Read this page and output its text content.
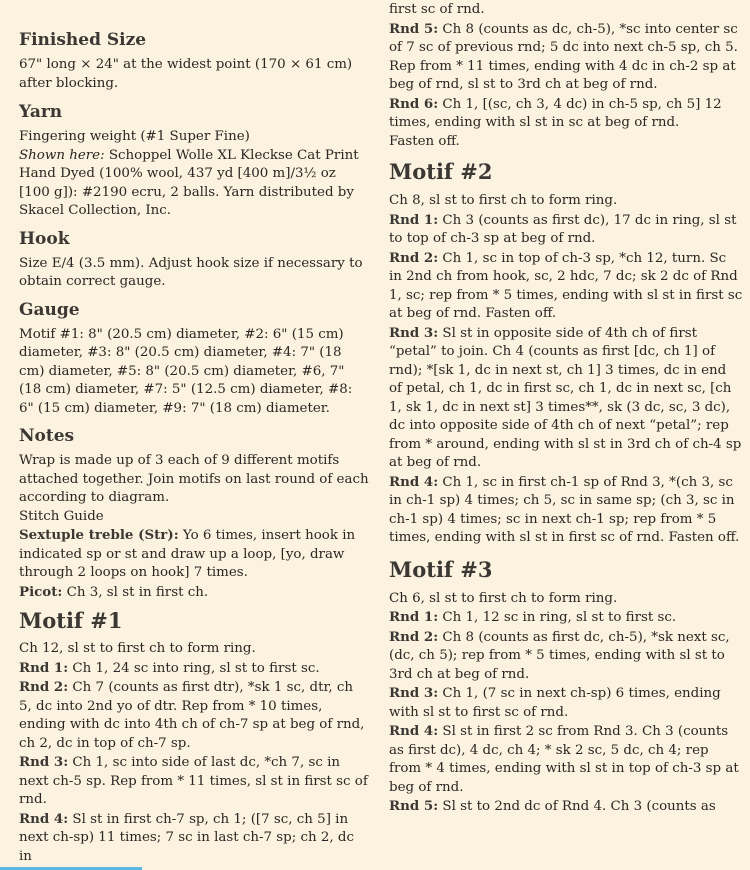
Finished Size

67" long × 24" at the widest point (170 × 61 cm) after blocking.

Yarn

Fingering weight (#1 Super Fine)
Shown here: Schoppel Wolle XL Kleckse Cat Print Hand Dyed (100% wool, 437 yd [400 m]/3½ oz [100 g]): #2190 ecru, 2 balls. Yarn distributed by Skacel Collection, Inc.

Hook

Size E/4 (3.5 mm). Adjust hook size if necessary to obtain correct gauge.

Gauge

Motif #1: 8" (20.5 cm) diameter, #2: 6" (15 cm) diameter, #3: 8" (20.5 cm) diameter, #4: 7" (18 cm) diameter, #5: 8" (20.5 cm) diameter, #6, 7" (18 cm) diameter, #7: 5" (12.5 cm) diameter, #8: 6" (15 cm) diameter, #9: 7" (18 cm) diameter.

Notes

Wrap is made up of 3 each of 9 different motifs attached together. Join motifs on last round of each according to diagram.
Stitch Guide
Sextuple treble (Str): Yo 6 times, insert hook in indicated sp or st and draw up a loop, [yo, draw through 2 loops on hook] 7 times.
Picot: Ch 3, sl st in first ch.

Motif #1

Ch 12, sl st to first ch to form ring.
Rnd 1: Ch 1, 24 sc into ring, sl st to first sc.
Rnd 2: Ch 7 (counts as first dtr), *sk 1 sc, dtr, ch 5, dc into 2nd yo of dtr. Rep from * 10 times, ending with dc into 4th ch of ch-7 sp at beg of rnd, ch 2, dc in top of ch-7 sp.
Rnd 3: Ch 1, sc into side of last dc, *ch 7, sc in next ch-5 sp. Rep from * 11 times, sl st in first sc of rnd.
Rnd 4: Sl st in first ch-7 sp, ch 1; ([7 sc, ch 5] in next ch-sp) 11 times; 7 sc in last ch-7 sp; ch 2, dc in

first sc of rnd.
Rnd 5: Ch 8 (counts as dc, ch-5), *sc into center sc of 7 sc of previous rnd; 5 dc into next ch-5 sp, ch 5. Rep from * 11 times, ending with 4 dc in ch-2 sp at beg of rnd, sl st to 3rd ch at beg of rnd.
Rnd 6: Ch 1, [(sc, ch 3, 4 dc) in ch-5 sp, ch 5] 12 times, ending with sl st in sc at beg of rnd.
Fasten off.

Motif #2

Ch 8, sl st to first ch to form ring.
Rnd 1: Ch 3 (counts as first dc), 17 dc in ring, sl st to top of ch-3 sp at beg of rnd.
Rnd 2: Ch 1, sc in top of ch-3 sp, *ch 12, turn. Sc in 2nd ch from hook, sc, 2 hdc, 7 dc; sk 2 dc of Rnd 1, sc; rep from * 5 times, ending with sl st in first sc at beg of rnd. Fasten off.
Rnd 3: Sl st in opposite side of 4th ch of first “petal” to join. Ch 4 (counts as first [dc, ch 1] of rnd); *[sk 1, dc in next st, ch 1] 3 times, dc in end of petal, ch 1, dc in first sc, ch 1, dc in next sc, [ch 1, sk 1, dc in next st] 3 times**, sk (3 dc, sc, 3 dc), dc into opposite side of 4th ch of next “petal”; rep from * around, ending with sl st in 3rd ch of ch-4 sp at beg of rnd.
Rnd 4: Ch 1, sc in first ch-1 sp of Rnd 3, *(ch 3, sc in ch-1 sp) 4 times; ch 5, sc in same sp; (ch 3, sc in ch-1 sp) 4 times; sc in next ch-1 sp; rep from * 5 times, ending with sl st in first sc of rnd. Fasten off.

Motif #3

Ch 6, sl st to first ch to form ring.
Rnd 1: Ch 1, 12 sc in ring, sl st to first sc.
Rnd 2: Ch 8 (counts as first dc, ch-5), *sk next sc, (dc, ch 5); rep from * 5 times, ending with sl st to 3rd ch at beg of rnd.
Rnd 3: Ch 1, (7 sc in next ch-sp) 6 times, ending with sl st to first sc of rnd.
Rnd 4: Sl st in first 2 sc from Rnd 3. Ch 3 (counts as first dc), 4 dc, ch 4; * sk 2 sc, 5 dc, ch 4; rep from * 4 times, ending with sl st in top of ch-3 sp at beg of rnd.
Rnd 5: Sl st to 2nd dc of Rnd 4. Ch 3 (counts as
